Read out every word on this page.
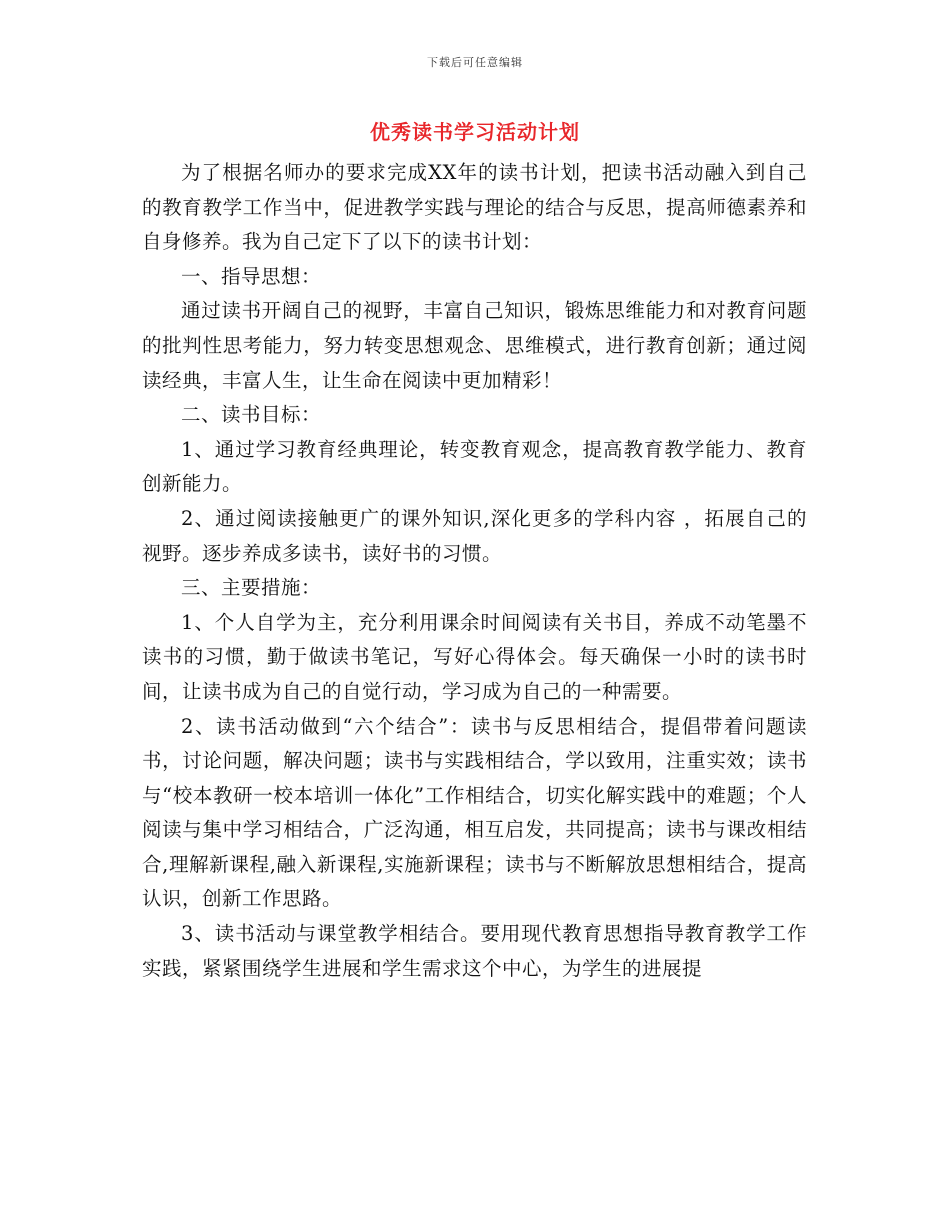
下载后可任意编辑
优秀读书学习活动计划

为了根据名师办的要求完成XX年的读书计划，把读书活动融入到自己的教育教学工作当中，促进教学实践与理论的结合与反思，提高师德素养和自身修养。我为自己定下了以下的读书计划：

一、指导思想：

通过读书开阔自己的视野，丰富自己知识，锻炼思维能力和对教育问题的批判性思考能力，努力转变思想观念、思维模式，进行教育创新；通过阅读经典，丰富人生，让生命在阅读中更加精彩！

二、读书目标：

1、通过学习教育经典理论，转变教育观念，提高教育教学能力、教育创新能力。

2、通过阅读接触更广的课外知识,深化更多的学科内容 ，拓展自己的视野。逐步养成多读书，读好书的习惯。

三、主要措施：

1、个人自学为主，充分利用课余时间阅读有关书目，养成不动笔墨不读书的习惯，勤于做读书笔记，写好心得体会。每天确保一小时的读书时间，让读书成为自己的自觉行动，学习成为自己的一种需要。

2、读书活动做到“六个结合”：读书与反思相结合，提倡带着问题读书，讨论问题，解决问题；读书与实践相结合，学以致用，注重实效；读书与“校本教研一校本培训一体化”工作相结合，切实化解实践中的难题；个人阅读与集中学习相结合，广泛沟通，相互启发，共同提高；读书与课改相结合,理解新课程,融入新课程,实施新课程；读书与不断解放思想相结合，提高认识，创新工作思路。

3、读书活动与课堂教学相结合。要用现代教育思想指导教育教学工作实践，紧紧围绕学生进展和学生需求这个中心，为学生的进展提
